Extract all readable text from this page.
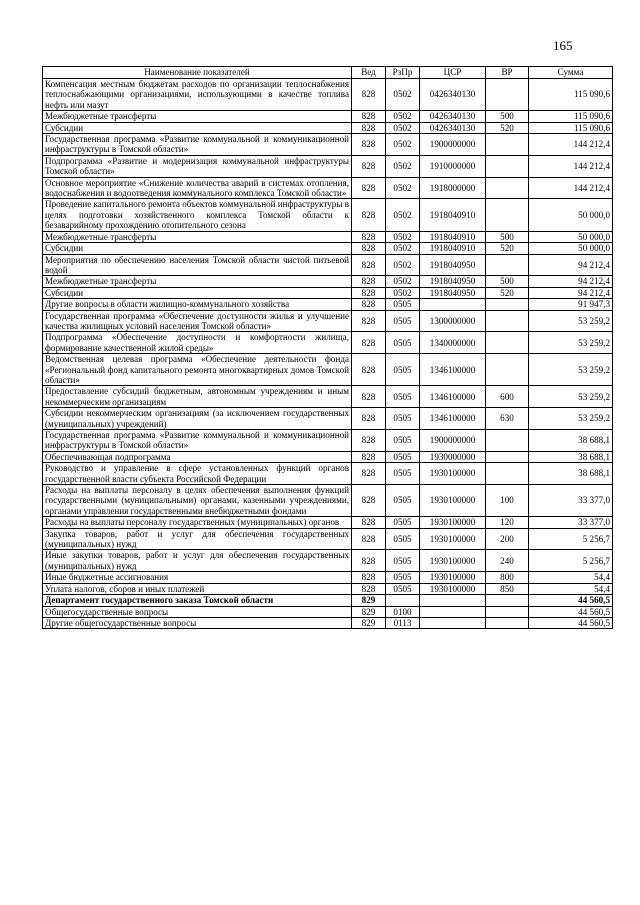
165
Наименование показателей	Вед	РзПр	ЦСР	ВР	Сумма
Компенсация местным бюджетам расходов по организации теплоснабжения теплоснабжающими организациями, использующими в качестве топлива нефть или мазут	828	0502	0426340130		115 090,6
Межбюджетные трансферты	828	0502	0426340130	500	115 090,6
Субсидии	828	0502	0426340130	520	115 090,6
Государственная программа «Развитие коммунальной и коммуникационной инфраструктуры в Томской области»	828	0502	1900000000		144 212,4
Подпрограмма «Развитие и модернизация коммунальной инфраструктуры Томской области»	828	0502	1910000000		144 212,4
Основное мероприятие «Снижение количества аварий в системах отопления, водоснабжения и водоотведения коммунального комплекса Томской области»	828	0502	1918000000		144 212,4
Проведение капитального ремонта объектов коммунальной инфраструктуры в целях подготовки хозяйственного комплекса Томской области к безаварийному прохождению отопительного сезона	828	0502	1918040910		50 000,0
Межбюджетные трансферты	828	0502	1918040910	500	50 000,0
Субсидии	828	0502	1918040910	520	50 000,0
Мероприятия по обеспечению населения Томской области чистой питьевой водой	828	0502	1918040950		94 212,4
Межбюджетные трансферты	828	0502	1918040950	500	94 212,4
Субсидии	828	0502	1918040950	520	94 212,4
Другие вопросы в области жилищно-коммунального хозяйства	828	0505			91 947,3
Государственная программа «Обеспечение доступности жилья и улучшение качества жилищных условий населения Томской области»	828	0505	1300000000		53 259,2
Подпрограмма «Обеспечение доступности и комфортности жилища, формирование качественной жилой среды»	828	0505	1340000000		53 259,2
Ведомственная целевая программа «Обеспечение деятельности фонда «Региональный фонд капитального ремонта многоквартирных домов Томской области»	828	0505	1346100000		53 259,2
Предоставление субсидий бюджетным, автономным учреждениям и иным некоммерческим организациям	828	0505	1346100000	600	53 259,2
Субсидии некоммерческим организациям (за исключением государственных (муниципальных) учреждений)	828	0505	1346100000	630	53 259,2
Государственная программа «Развитие коммунальной и коммуникационной инфраструктуры в Томской области»	828	0505	1900000000		38 688,1
Обеспечивающая подпрограмма	828	0505	1930000000		38 688,1
Руководство и управление в сфере установленных функций органов государственной власти субъекта Российской Федерации	828	0505	1930100000		38 688,1
Расходы на выплаты персоналу в целях обеспечения выполнения функций государственными (муниципальными) органами, казенными учреждениями, органами управления государственными внебюджетными фондами	828	0505	1930100000	100	33 377,0
Расходы на выплаты персоналу государственных (муниципальных) органов	828	0505	1930100000	120	33 377,0
Закупка товаров, работ и услуг для обеспечения государственных (муниципальных) нужд	828	0505	1930100000	200	5 256,7
Иные закупки товаров, работ и услуг для обеспечения государственных (муниципальных) нужд	828	0505	1930100000	240	5 256,7
Иные бюджетные ассигнования	828	0505	1930100000	800	54,4
Уплата налогов, сборов и иных платежей	828	0505	1930100000	850	54,4
Департамент государственного заказа Томской области	829				44 560,5
Общегосударственные вопросы	829	0100			44 560,5
Другие общегосударственные вопросы	829	0113			44 560,5
